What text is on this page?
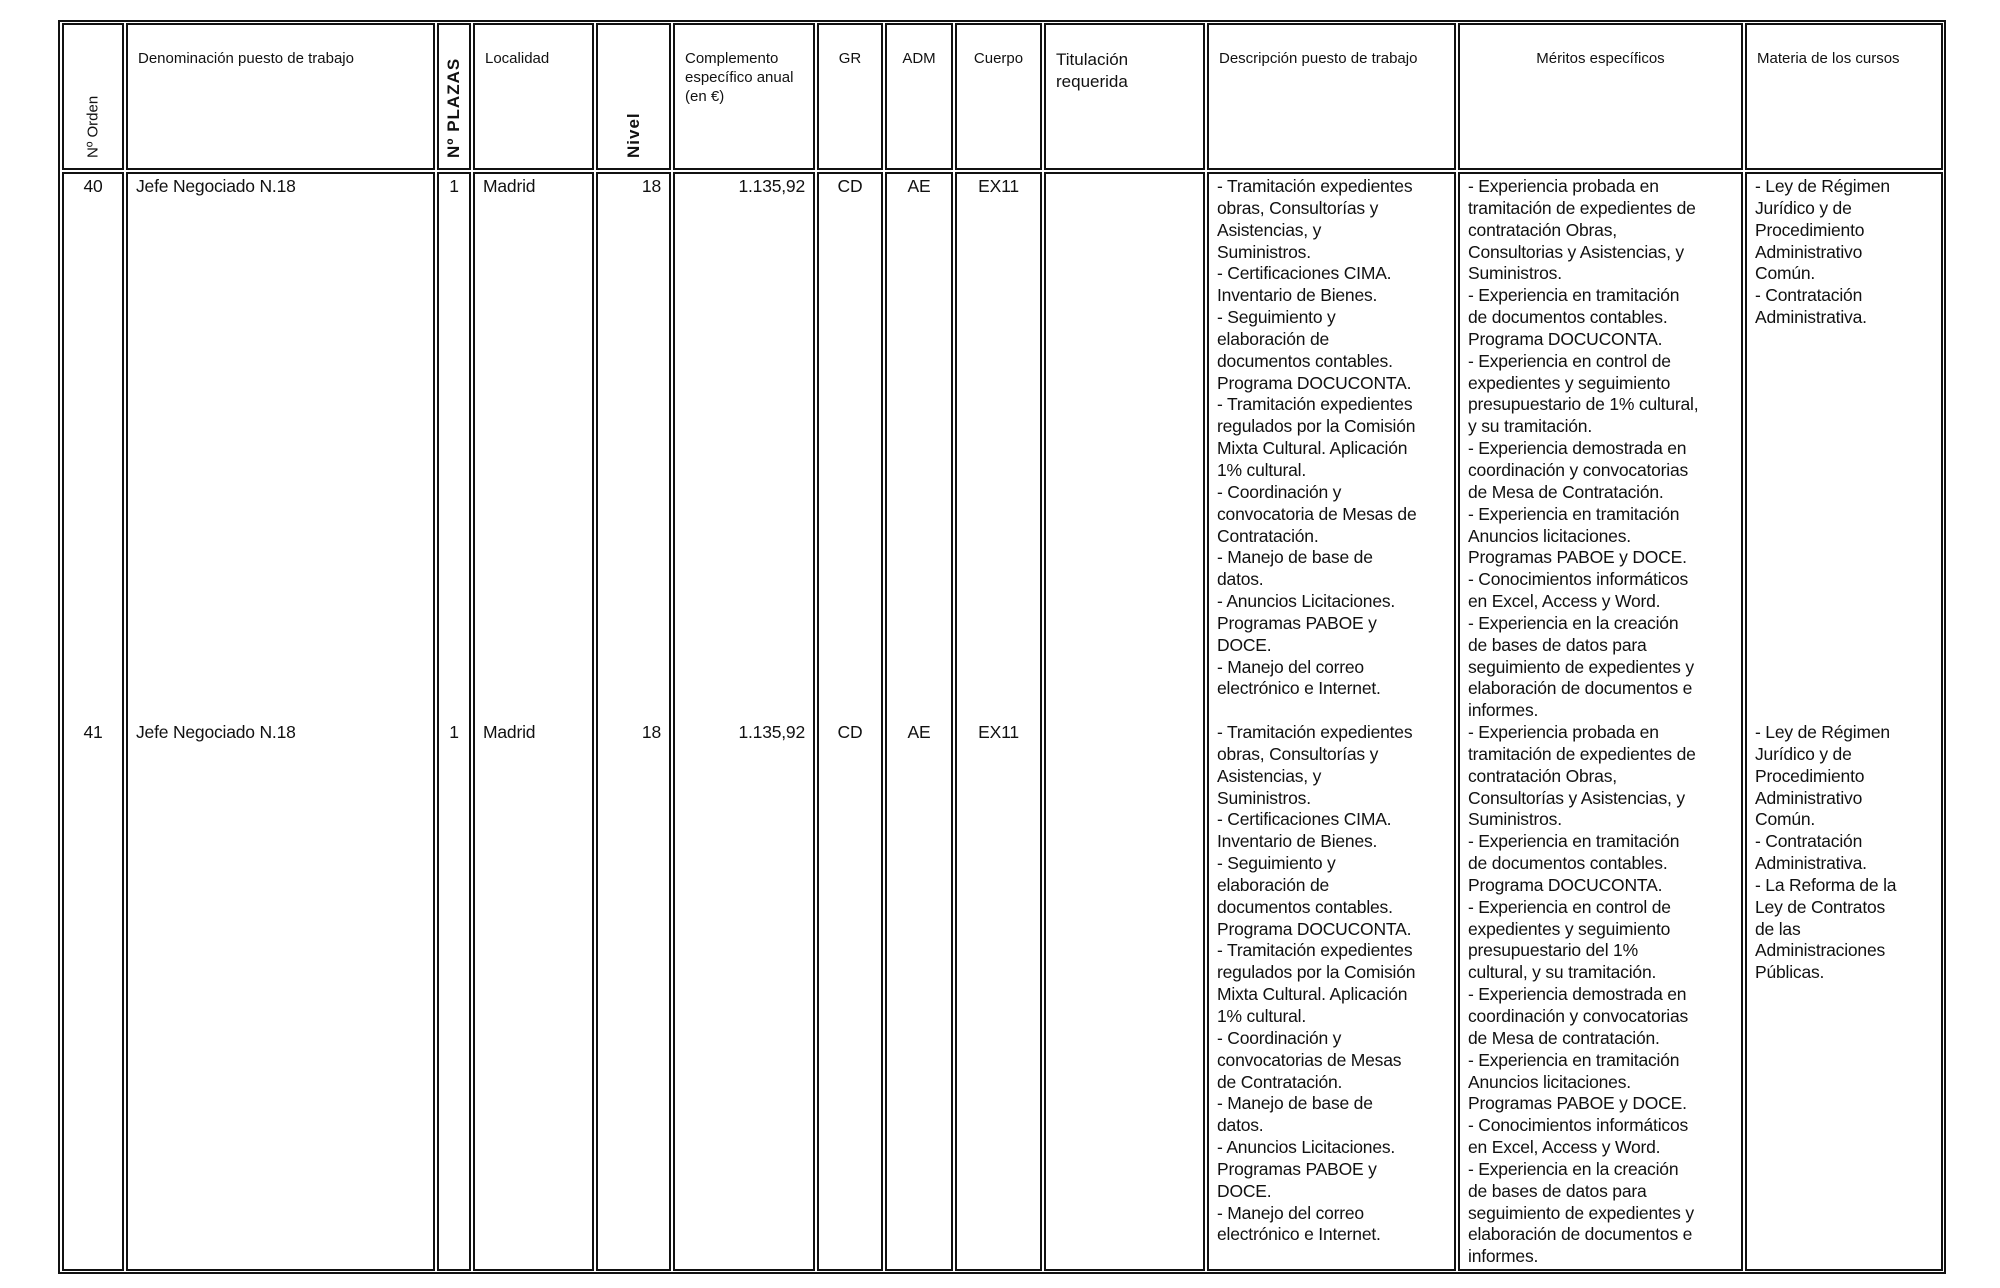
Nº Orden
40
41
Denominación puesto de trabajo
Jefe Negociado N.18
Jefe Negociado N.18
Nº PLAZAS
1
1
Localidad
Madrid
Madrid
Nivel
18
18
Complemento específico anual (en €)
1.135,92
1.135,92
GR
CD
CD
ADM
AE
AE
Cuerpo
EX11
EX11
Titulación requerida
Descripción puesto de trabajo
- Tramitación expedientes
obras, Consultorías y
Asistencias, y
Suministros.
- Certificaciones CIMA.
Inventario de Bienes.
- Seguimiento y
elaboración de
documentos contables.
Programa DOCUCONTA.
- Tramitación expedientes
regulados por la Comisión
Mixta Cultural. Aplicación
1% cultural.
- Coordinación y
convocatoria de Mesas de
Contratación.
- Manejo de base de
datos.
- Anuncios Licitaciones.
Programas PABOE y
DOCE.
- Manejo del correo
electrónico e Internet.
- Tramitación expedientes
obras, Consultorías y
Asistencias, y
Suministros.
- Certificaciones CIMA.
Inventario de Bienes.
- Seguimiento y
elaboración de
documentos contables.
Programa DOCUCONTA.
- Tramitación expedientes
regulados por la Comisión
Mixta Cultural. Aplicación
1% cultural.
- Coordinación y
convocatorias de Mesas
de Contratación.
- Manejo de base de
datos.
- Anuncios Licitaciones.
Programas PABOE y
DOCE.
- Manejo del correo
electrónico e Internet.
Méritos específicos
- Experiencia probada en
tramitación de expedientes de
contratación Obras,
Consultorias y Asistencias, y
Suministros.
- Experiencia en tramitación
de documentos contables.
Programa DOCUCONTA.
- Experiencia en control de
expedientes y seguimiento
presupuestario de 1% cultural,
y su tramitación.
- Experiencia demostrada en
coordinación y convocatorias
de Mesa de Contratación.
- Experiencia en tramitación
Anuncios licitaciones.
Programas PABOE y DOCE.
- Conocimientos informáticos
en Excel, Access y Word.
- Experiencia en la creación
de bases de datos para
seguimiento de expedientes y
elaboración de documentos e
informes.
- Experiencia probada en
tramitación de expedientes de
contratación Obras,
Consultorías y Asistencias, y
Suministros.
- Experiencia en tramitación
de documentos contables.
Programa DOCUCONTA.
- Experiencia en control de
expedientes y seguimiento
presupuestario del 1%
cultural, y su tramitación.
- Experiencia demostrada en
coordinación y convocatorias
de Mesa de contratación.
- Experiencia en tramitación
Anuncios licitaciones.
Programas PABOE y DOCE.
- Conocimientos informáticos
en Excel, Access y Word.
- Experiencia en la creación
de bases de datos para
seguimiento de expedientes y
elaboración de documentos e
informes.
Materia de los cursos
- Ley de Régimen
Jurídico y de
Procedimiento
Administrativo
Común.
- Contratación
Administrativa.
- Ley de Régimen
Jurídico y de
Procedimiento
Administrativo
Común.
- Contratación
Administrativa.
- La Reforma de la
Ley de Contratos
de las
Administraciones
Públicas.
